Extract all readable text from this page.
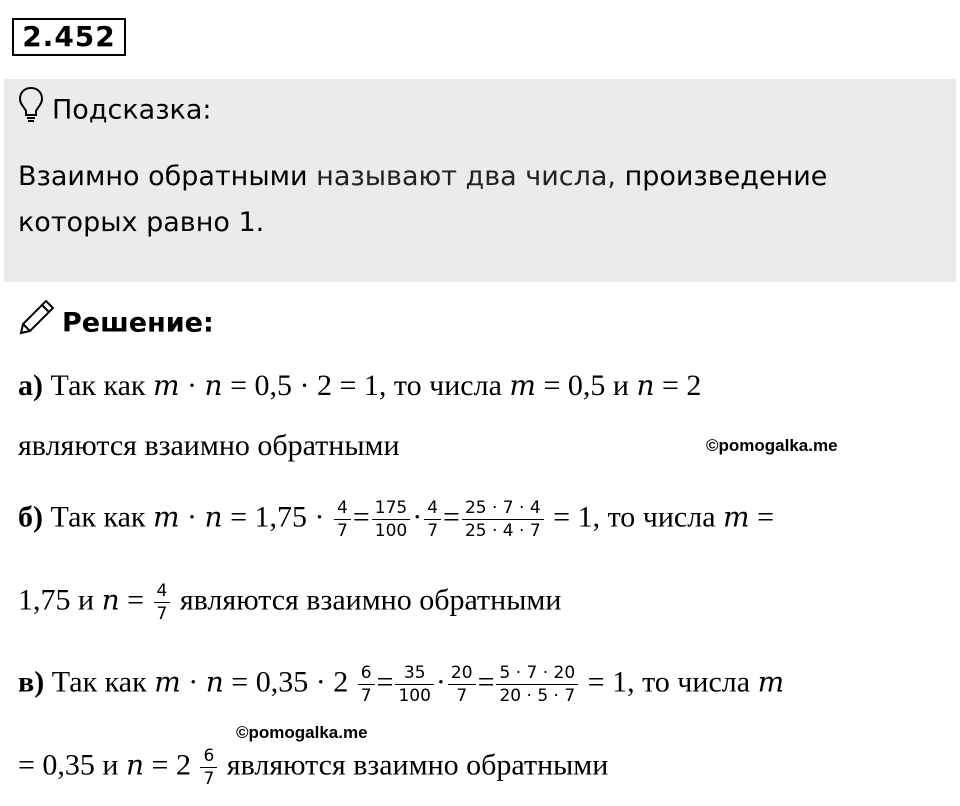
2.452
Подсказка:
Взаимно обратными называют два числа, произведение
которых равно 1.
Решение:
а) Так как m · n = 0,5 · 2 = 1, то числа m = 0,5 и n = 2
являются взаимно обратными	©pomogalka.me
б) Так как $m \cdot n = 1,75 \cdot \frac{4}{7} = \frac{175}{100} \cdot \frac{4}{7} = \frac{25 \cdot 7 \cdot 4}{25 \cdot 4 \cdot 7} = 1$, то числа m =
1,75 и $n = \frac{4}{7}$ являются взаимно обратными
в) Так как $m \cdot n = 0,35 \cdot 2 \frac{6}{7} = \frac{35}{100} \cdot \frac{20}{7} = \frac{5 \cdot 7 \cdot 20}{20 \cdot 5 \cdot 7} = 1$, то числа m
©pomogalka.me
= 0,35 и $n = 2 \frac{6}{7}$ являются взаимно обратными
